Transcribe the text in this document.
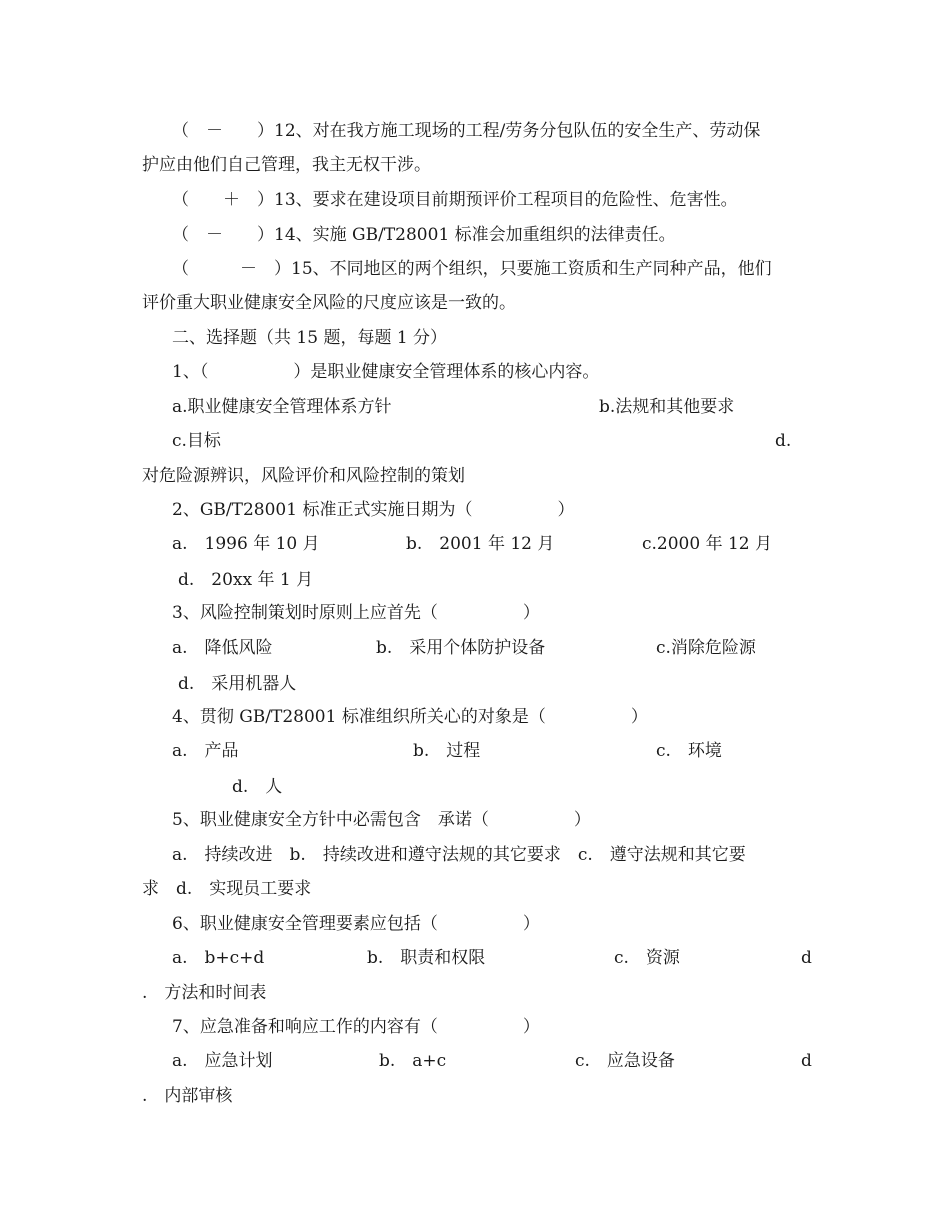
（　－　　）12、对在我方施工现场的工程/劳务分包队伍的安全生产、劳动保
护应由他们自己管理，我主无权干涉。
（　　＋　）13、要求在建设项目前期预评价工程项目的危险性、危害性。
（　－　　）14、实施 GB/T28001 标准会加重组织的法律责任。
（　　　－　）15、不同地区的两个组织，只要施工资质和生产同种产品，他们
评价重大职业健康安全风险的尺度应该是一致的。
二、选择题（共 15 题，每题 1 分）
1、（　　　　　）是职业健康安全管理体系的核心内容。
a.职业健康安全管理体系方针	b.法规和其他要求
c.目标	d.
对危险源辨识，风险评价和风险控制的策划
2、GB/T28001 标准正式实施日期为（　　　　　）
a.　1996 年 10 月	b.　2001 年 12 月	c.2000 年 12 月
d.　20xx 年 1 月
3、风险控制策划时原则上应首先（　　　　　）
a.　降低风险	b.　采用个体防护设备	c.消除危险源
d.　采用机器人
4、贯彻 GB/T28001 标准组织所关心的对象是（　　　　　）
a.　产品	b.　过程	c.　环境
d.　人
5、职业健康安全方针中必需包含　承诺（　　　　　）
a.　持续改进　b.　持续改进和遵守法规的其它要求　c.　遵守法规和其它要
求　d.　实现员工要求
6、职业健康安全管理要素应包括（　　　　　）
a.　b+c+d	b.　职责和权限	c.　资源	d
.　方法和时间表
7、应急准备和响应工作的内容有（　　　　　）
a.　应急计划	b.　a+c	c.　应急设备	d
.　内部审核
